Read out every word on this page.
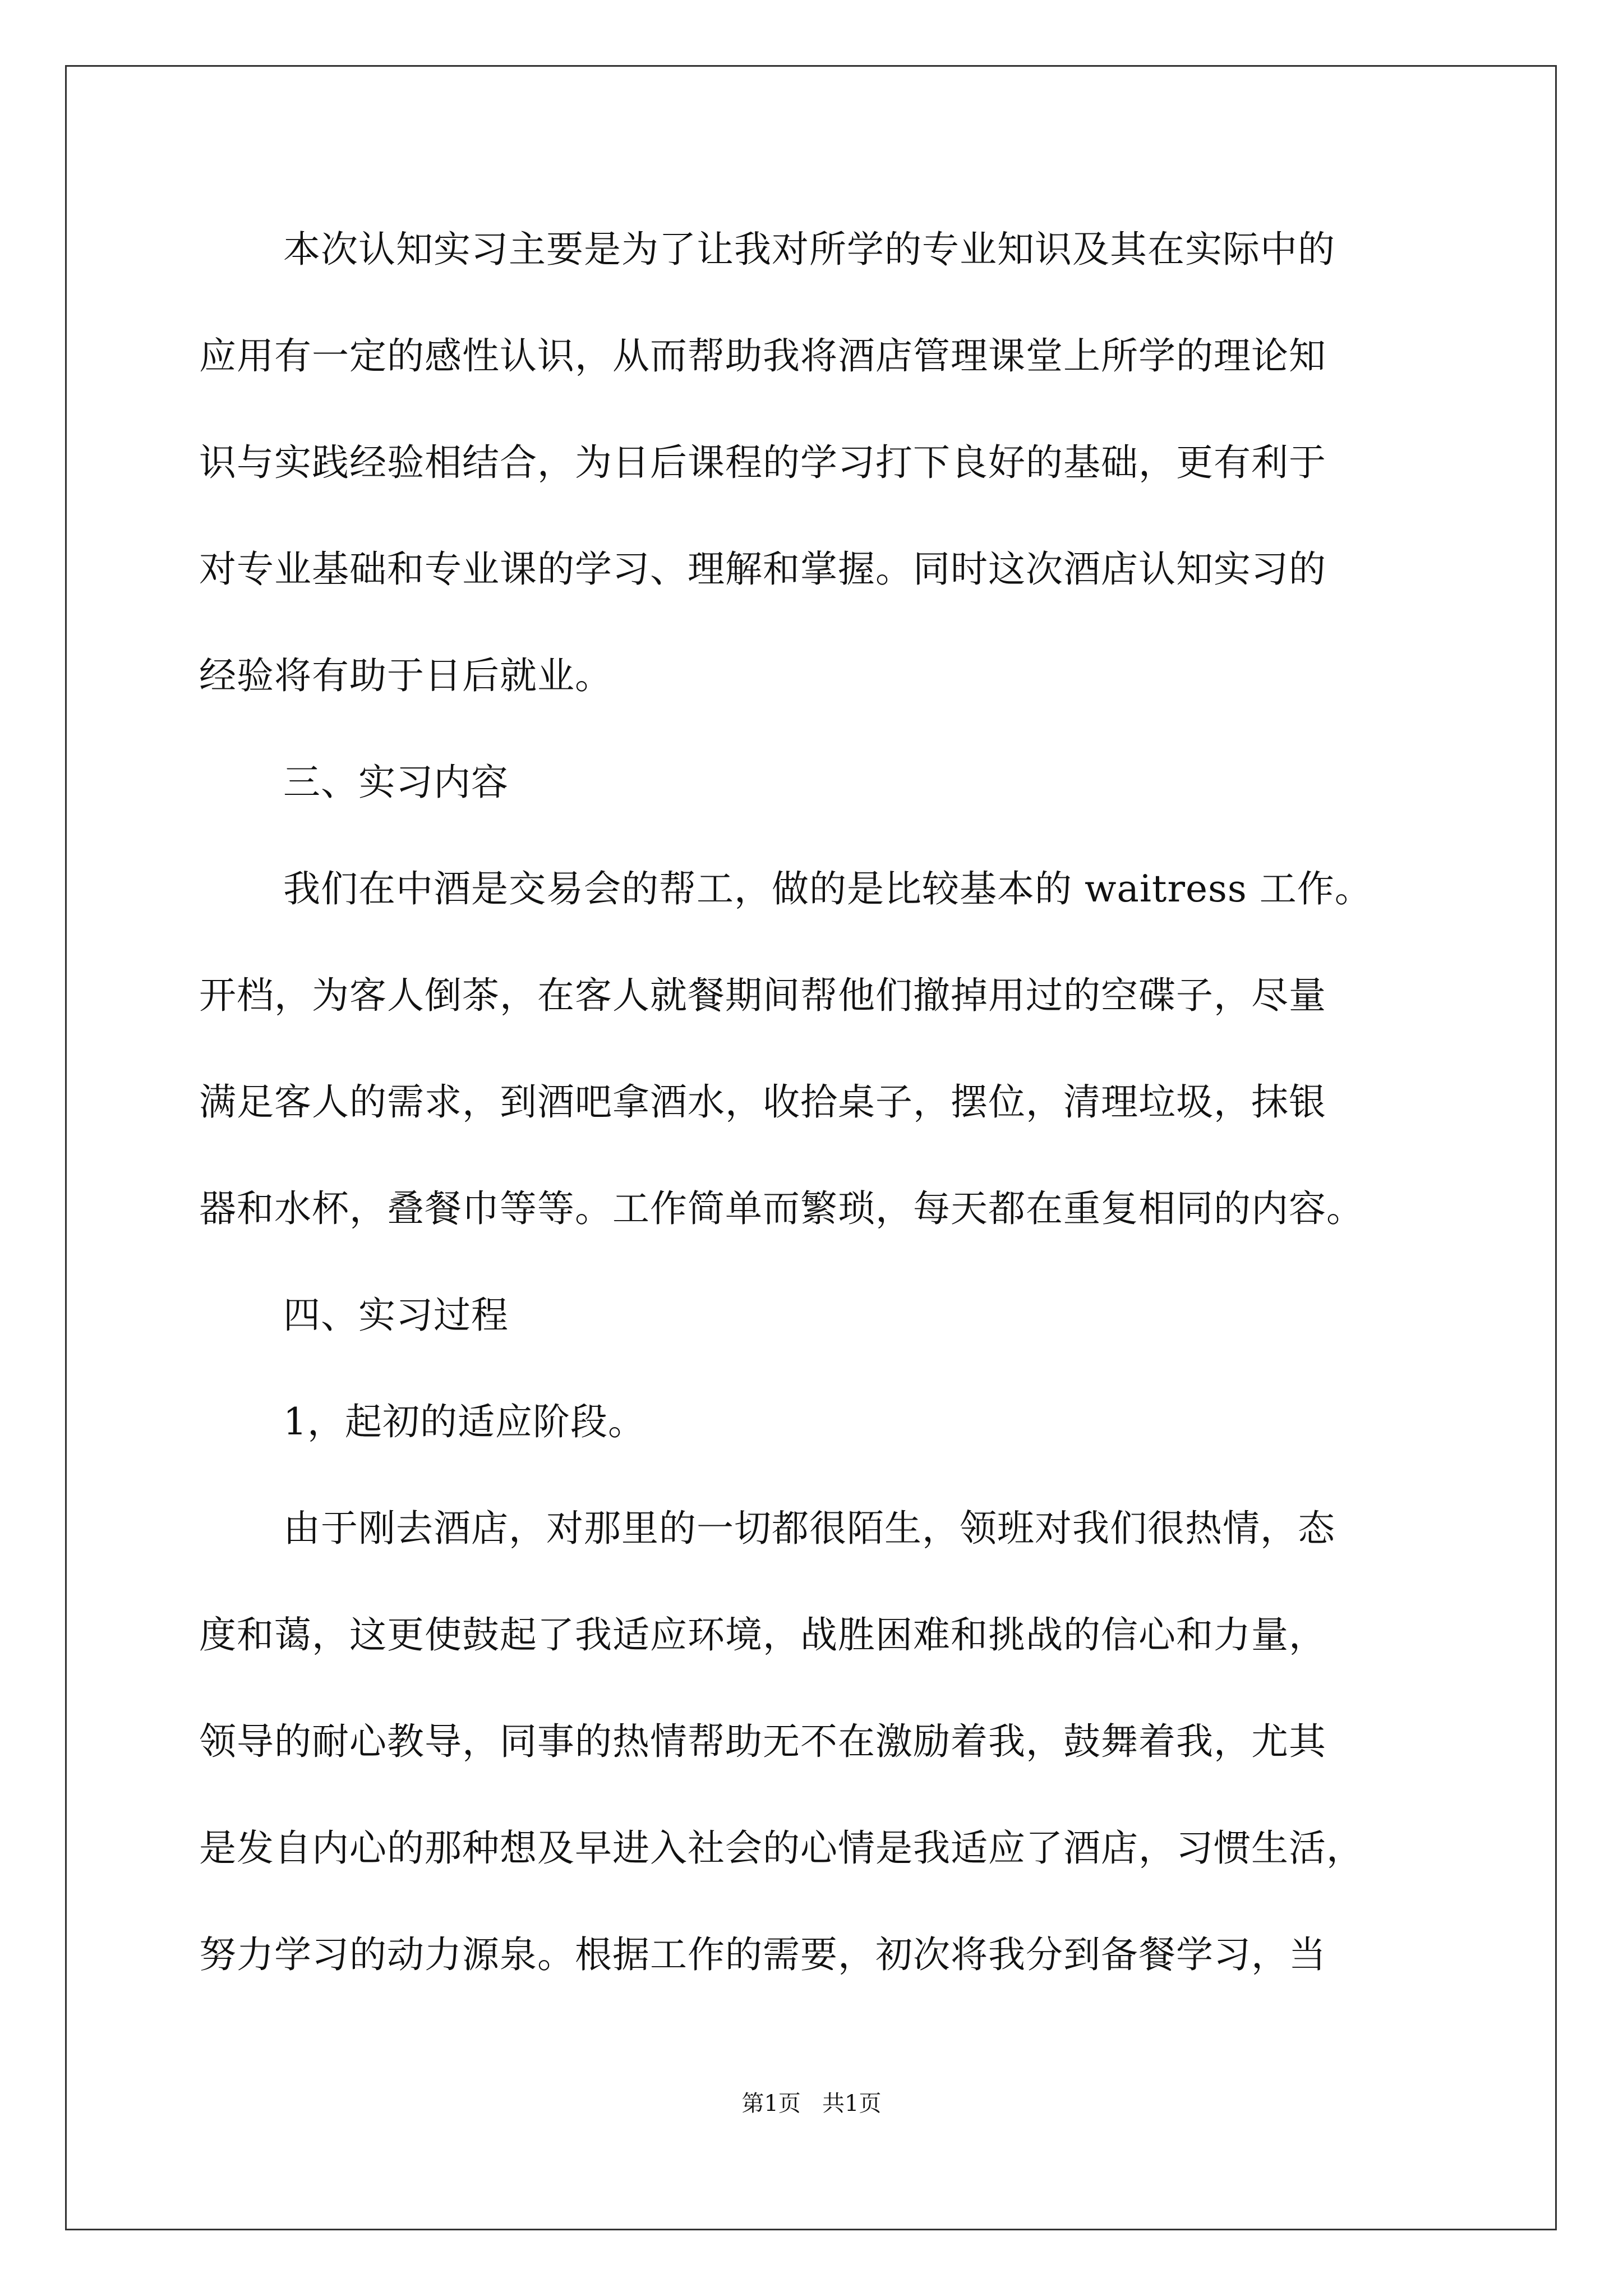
本次认知实习主要是为了让我对所学的专业知识及其在实际中的
应用有一定的感性认识，从而帮助我将酒店管理课堂上所学的理论知
识与实践经验相结合，为日后课程的学习打下良好的基础，更有利于
对专业基础和专业课的学习、理解和掌握。同时这次酒店认知实习的
经验将有助于日后就业。
三、实习内容
我们在中酒是交易会的帮工，做的是比较基本的 waitress 工作。
开档，为客人倒茶，在客人就餐期间帮他们撤掉用过的空碟子，尽量
满足客人的需求，到酒吧拿酒水，收拾桌子，摆位，清理垃圾，抹银
器和水杯，叠餐巾等等。工作简单而繁琐，每天都在重复相同的内容。
四、实习过程
1，起初的适应阶段。
由于刚去酒店，对那里的一切都很陌生，领班对我们很热情，态
度和蔼，这更使鼓起了我适应环境，战胜困难和挑战的信心和力量，
领导的耐心教导，同事的热情帮助无不在激励着我，鼓舞着我，尤其
是发自内心的那种想及早进入社会的心情是我适应了酒店，习惯生活，
努力学习的动力源泉。根据工作的需要，初次将我分到备餐学习，当
第1页   共1页
